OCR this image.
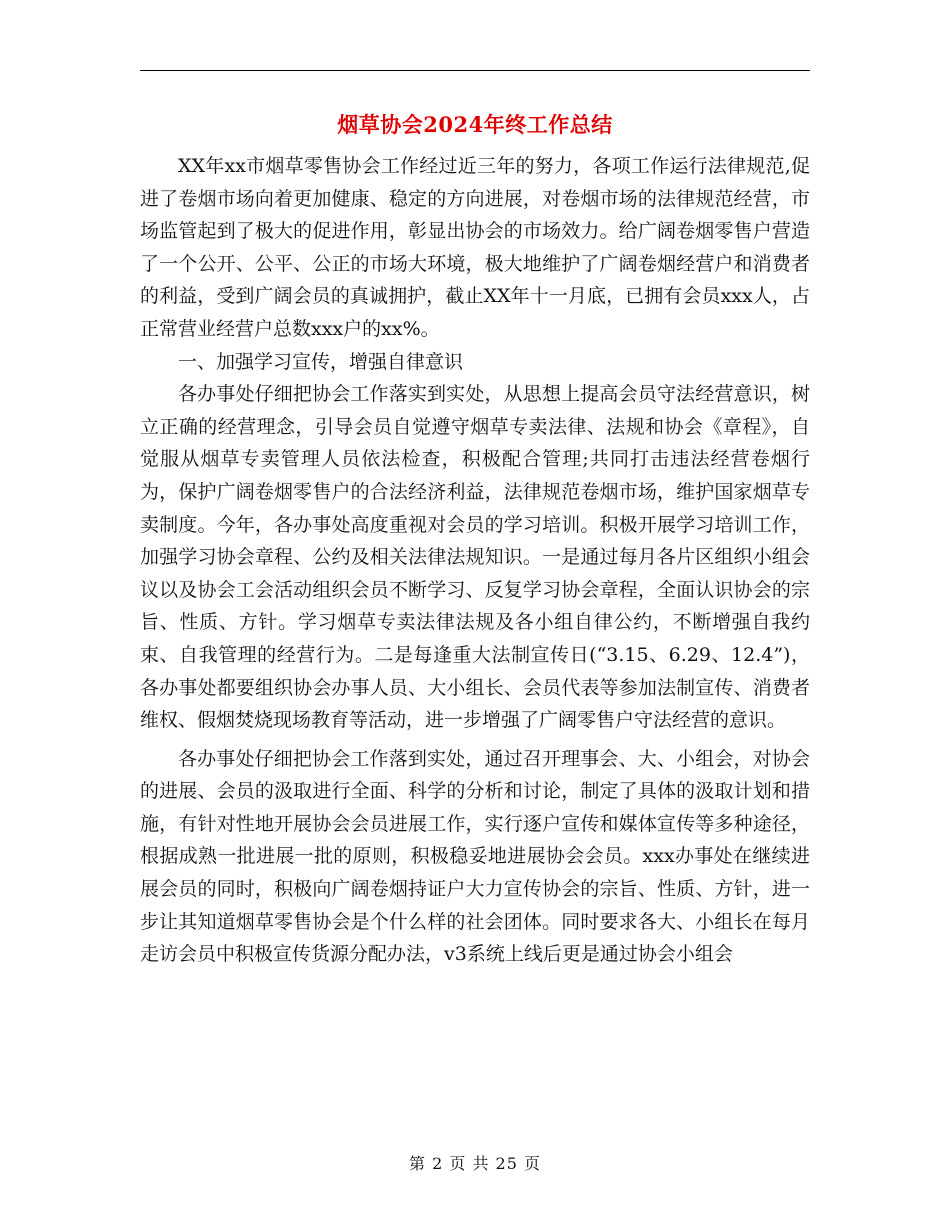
烟草协会2024年终工作总结

XX年xx市烟草零售协会工作经过近三年的努力，各项工作运行法律规范,促进了卷烟市场向着更加健康、稳定的方向进展，对卷烟市场的法律规范经营，市场监管起到了极大的促进作用，彰显出协会的市场效力。给广阔卷烟零售户营造了一个公开、公平、公正的市场大环境，极大地维护了广阔卷烟经营户和消费者的利益，受到广阔会员的真诚拥护，截止XX年十一月底，已拥有会员xxx人，占正常营业经营户总数xxx户的xx%。

一、加强学习宣传，增强自律意识

各办事处仔细把协会工作落实到实处，从思想上提高会员守法经营意识，树立正确的经营理念，引导会员自觉遵守烟草专卖法律、法规和协会《章程》，自觉服从烟草专卖管理人员依法检查，积极配合管理;共同打击违法经营卷烟行为，保护广阔卷烟零售户的合法经济利益，法律规范卷烟市场，维护国家烟草专卖制度。今年，各办事处高度重视对会员的学习培训。积极开展学习培训工作，加强学习协会章程、公约及相关法律法规知识。一是通过每月各片区组织小组会议以及协会工会活动组织会员不断学习、反复学习协会章程，全面认识协会的宗旨、性质、方针。学习烟草专卖法律法规及各小组自律公约，不断增强自我约束、自我管理的经营行为。二是每逢重大法制宣传日(“3.15、6.29、12.4”)，各办事处都要组织协会办事人员、大小组长、会员代表等参加法制宣传、消费者维权、假烟焚烧现场教育等活动，进一步增强了广阔零售户守法经营的意识。

各办事处仔细把协会工作落到实处，通过召开理事会、大、小组会，对协会的进展、会员的汲取进行全面、科学的分析和讨论，制定了具体的汲取计划和措施，有针对性地开展协会会员进展工作，实行逐户宣传和媒体宣传等多种途径，根据成熟一批进展一批的原则，积极稳妥地进展协会会员。xxx办事处在继续进展会员的同时，积极向广阔卷烟持证户大力宣传协会的宗旨、性质、方针，进一步让其知道烟草零售协会是个什么样的社会团体。同时要求各大、小组长在每月走访会员中积极宣传货源分配办法，v3系统上线后更是通过协会小组会

第 2 页 共 25 页
